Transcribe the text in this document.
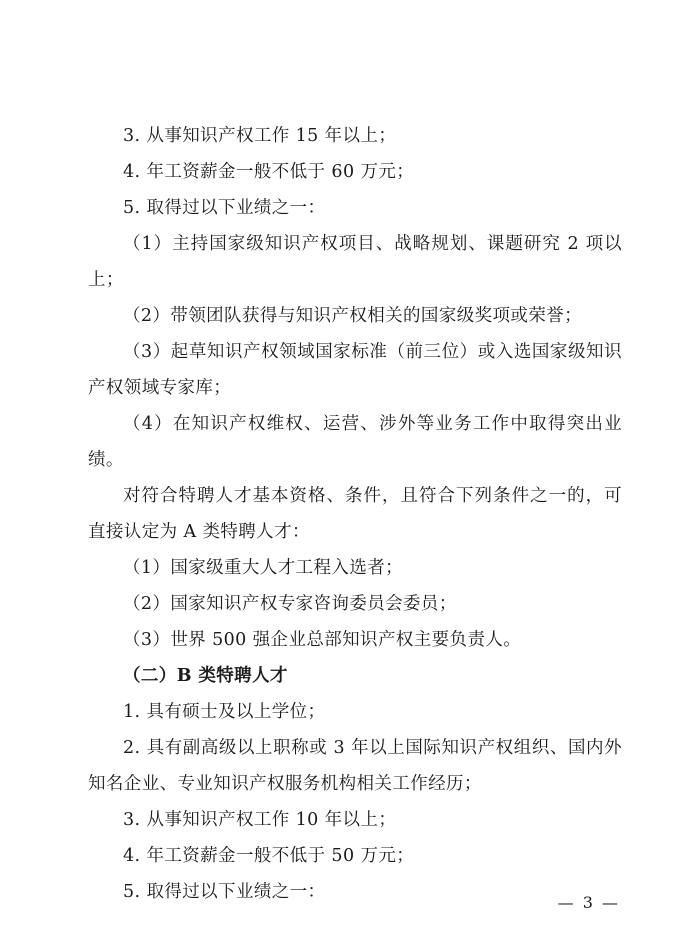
3. 从事知识产权工作 15 年以上；

4. 年工资薪金一般不低于 60 万元；

5. 取得过以下业绩之一：

（1）主持国家级知识产权项目、战略规划、课题研究 2 项以上；

（2）带领团队获得与知识产权相关的国家级奖项或荣誉；

（3）起草知识产权领域国家标准（前三位）或入选国家级知识产权领域专家库；

（4）在知识产权维权、运营、涉外等业务工作中取得突出业绩。

对符合特聘人才基本资格、条件，且符合下列条件之一的，可直接认定为 A 类特聘人才：

（1）国家级重大人才工程入选者；

（2）国家知识产权专家咨询委员会委员；

（3）世界 500 强企业总部知识产权主要负责人。

（二）B 类特聘人才

1. 具有硕士及以上学位；

2. 具有副高级以上职称或 3 年以上国际知识产权组织、国内外知名企业、专业知识产权服务机构相关工作经历；

3. 从事知识产权工作 10 年以上；

4. 年工资薪金一般不低于 50 万元；

5. 取得过以下业绩之一：

— 3 —
